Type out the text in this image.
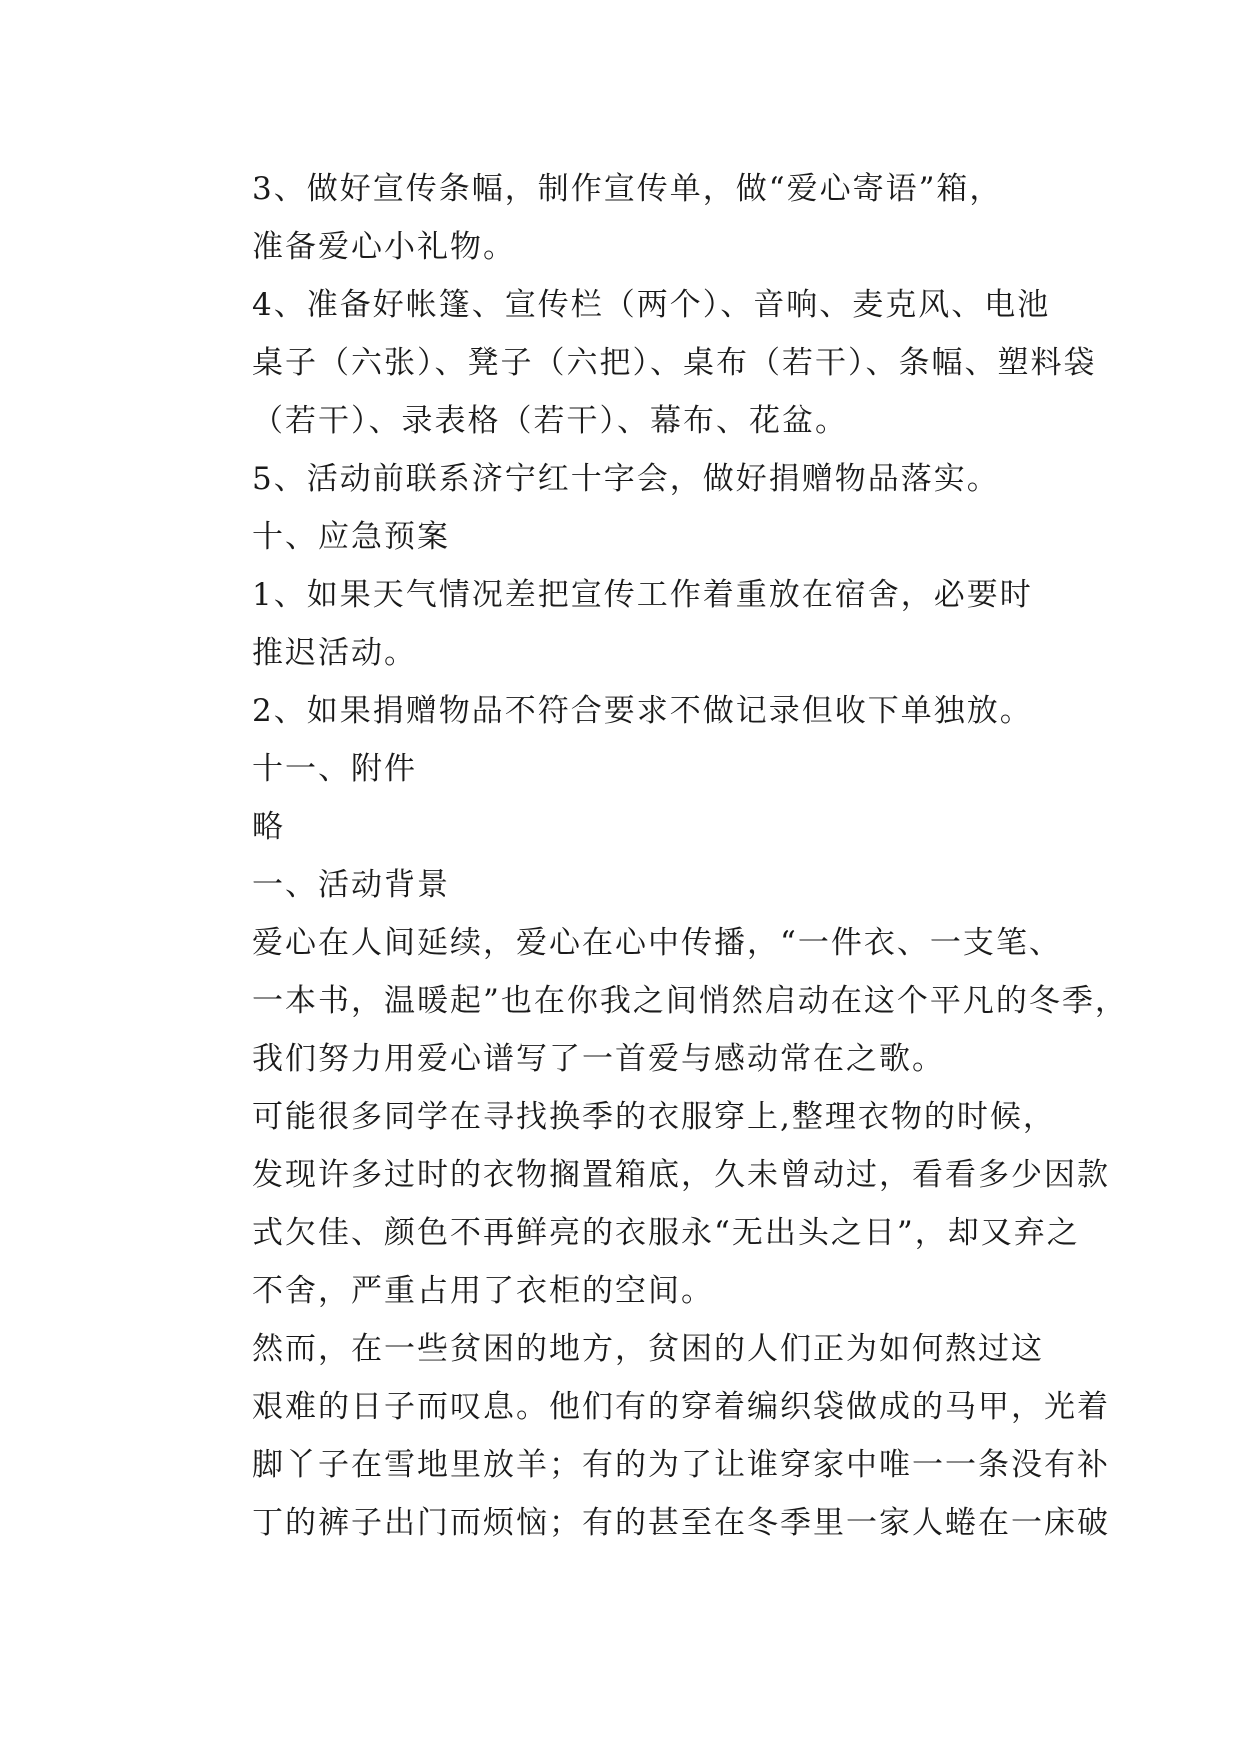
3、做好宣传条幅，制作宣传单，做“爱心寄语”箱，
准备爱心小礼物。

4、准备好帐篷、宣传栏（两个）、音响、麦克风、电池
桌子（六张）、凳子（六把）、桌布（若干）、条幅、塑料袋
（若干）、录表格（若干）、幕布、花盆。

5、活动前联系济宁红十字会，做好捐赠物品落实。

十、应急预案

1、如果天气情况差把宣传工作着重放在宿舍，必要时
推迟活动。

2、如果捐赠物品不符合要求不做记录但收下单独放。

十一、附件

略

一、活动背景

爱心在人间延续，爱心在心中传播，“一件衣、一支笔、
一本书，温暖起”也在你我之间悄然启动在这个平凡的冬季，
我们努力用爱心谱写了一首爱与感动常在之歌。

可能很多同学在寻找换季的衣服穿上,整理衣物的时候，
发现许多过时的衣物搁置箱底，久未曾动过，看看多少因款
式欠佳、颜色不再鲜亮的衣服永“无出头之日”，却又弃之
不舍，严重占用了衣柜的空间。

然而，在一些贫困的地方，贫困的人们正为如何熬过这
艰难的日子而叹息。他们有的穿着编织袋做成的马甲，光着
脚丫子在雪地里放羊；有的为了让谁穿家中唯一一条没有补
丁的裤子出门而烦恼；有的甚至在冬季里一家人蜷在一床破
